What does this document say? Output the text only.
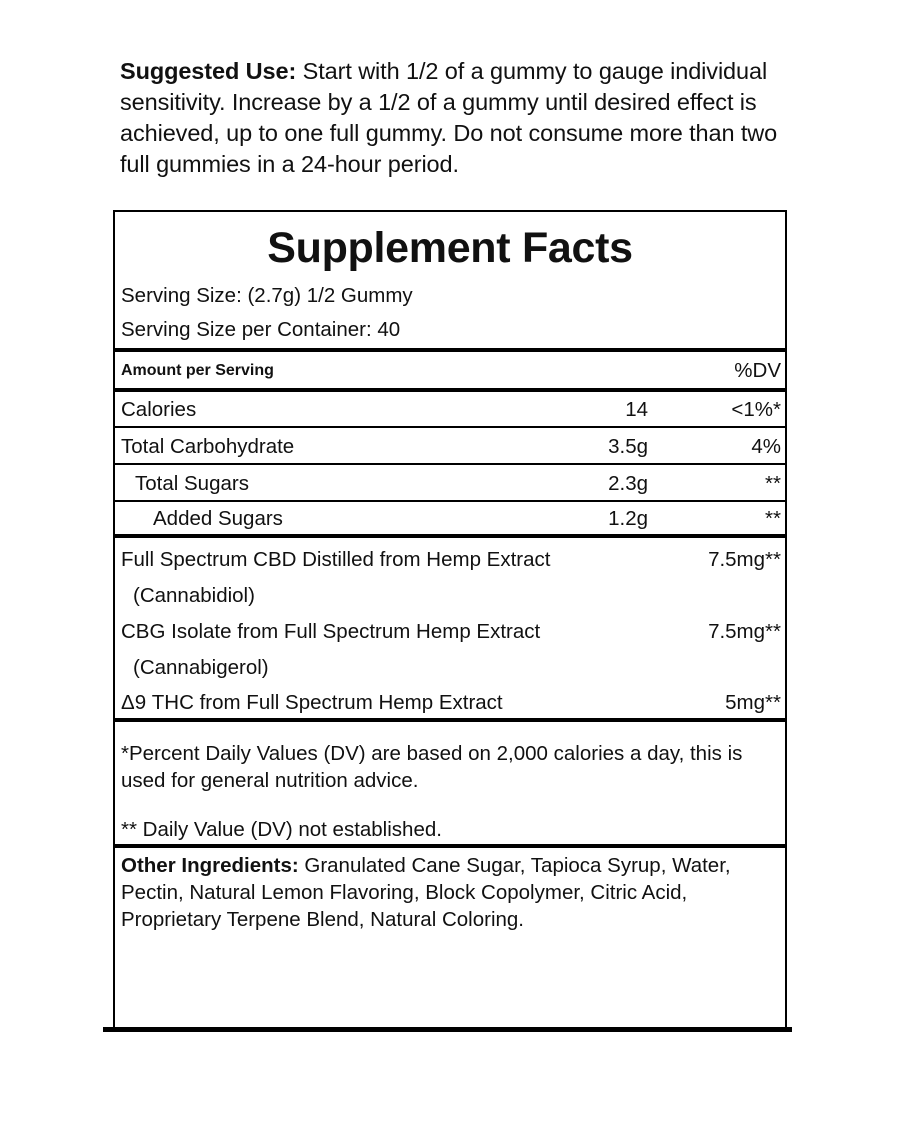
Suggested Use: Start with 1/2 of a gummy to gauge individual sensitivity. Increase by a 1/2 of a gummy until desired effect is achieved, up to one full gummy. Do not consume more than two full gummies in a 24-hour period.
Supplement Facts
Serving Size: (2.7g) 1/2 Gummy
Serving Size per Container: 40
Amount per Serving	%DV
Calories	14	<1%*
Total Carbohydrate	3.5g	4%
Total Sugars	2.3g	**
Added Sugars	1.2g	**
Full Spectrum CBD Distilled from Hemp Extract	7.5mg**
(Cannabidiol)
CBG Isolate from Full Spectrum Hemp Extract	7.5mg**
(Cannabigerol)
Δ9 THC from Full Spectrum Hemp Extract	5mg**
*Percent Daily Values (DV) are based on 2,000 calories a day, this is used for general nutrition advice.
** Daily Value (DV) not established.
Other Ingredients: Granulated Cane Sugar, Tapioca Syrup, Water, Pectin, Natural Lemon Flavoring, Block Copolymer, Citric Acid, Proprietary Terpene Blend, Natural Coloring.
